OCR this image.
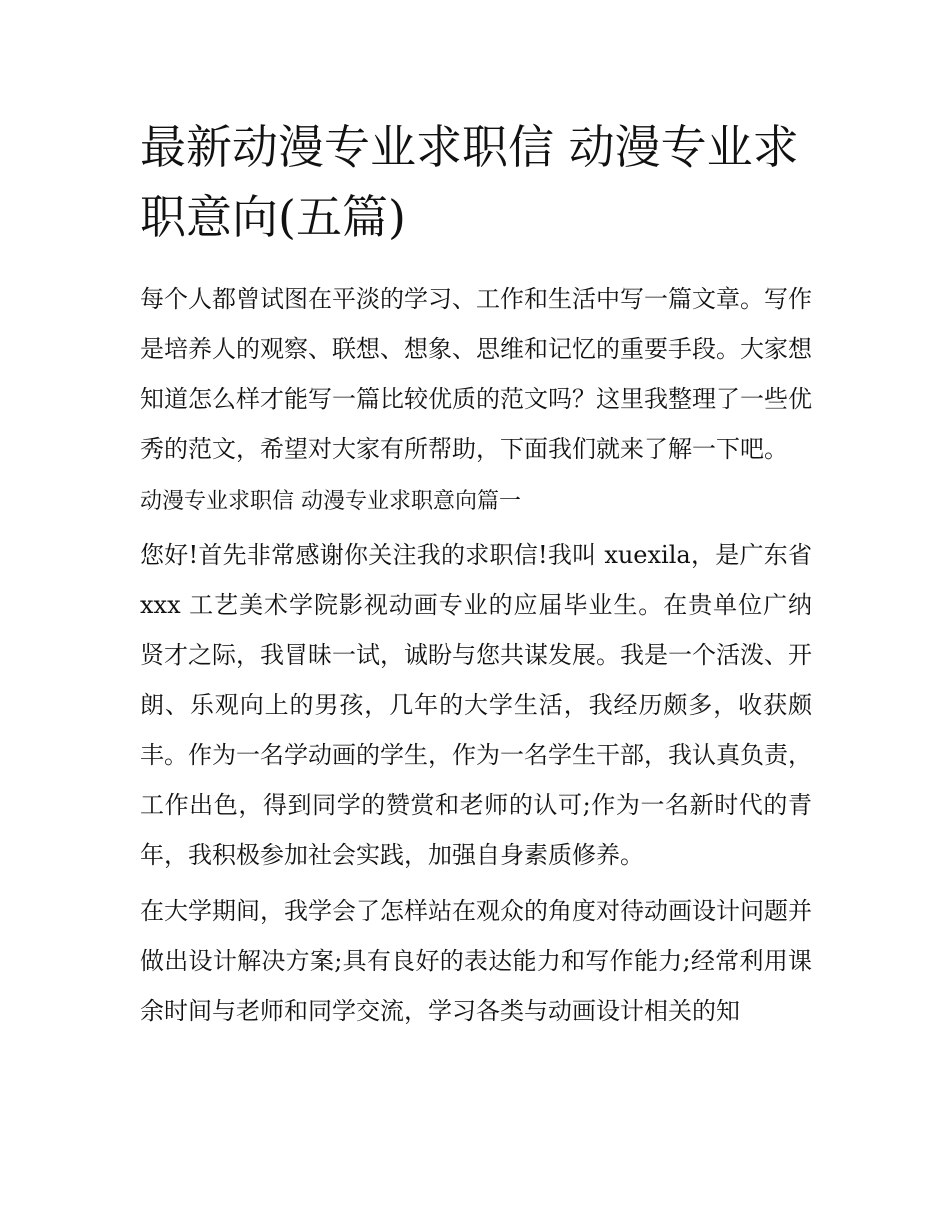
最新动漫专业求职信 动漫专业求职意向(五篇)

每个人都曾试图在平淡的学习、工作和生活中写一篇文章。写作是培养人的观察、联想、想象、思维和记忆的重要手段。大家想知道怎么样才能写一篇比较优质的范文吗？这里我整理了一些优秀的范文，希望对大家有所帮助，下面我们就来了解一下吧。

动漫专业求职信 动漫专业求职意向篇一

您好!首先非常感谢你关注我的求职信!我叫 xuexila，是广东省 xxx 工艺美术学院影视动画专业的应届毕业生。在贵单位广纳贤才之际，我冒昧一试，诚盼与您共谋发展。我是一个活泼、开朗、乐观向上的男孩，几年的大学生活，我经历颇多，收获颇丰。作为一名学动画的学生，作为一名学生干部，我认真负责，工作出色，得到同学的赞赏和老师的认可;作为一名新时代的青年，我积极参加社会实践，加强自身素质修养。

在大学期间，我学会了怎样站在观众的角度对待动画设计问题并做出设计解决方案;具有良好的表达能力和写作能力;经常利用课余时间与老师和同学交流，学习各类与动画设计相关的知
